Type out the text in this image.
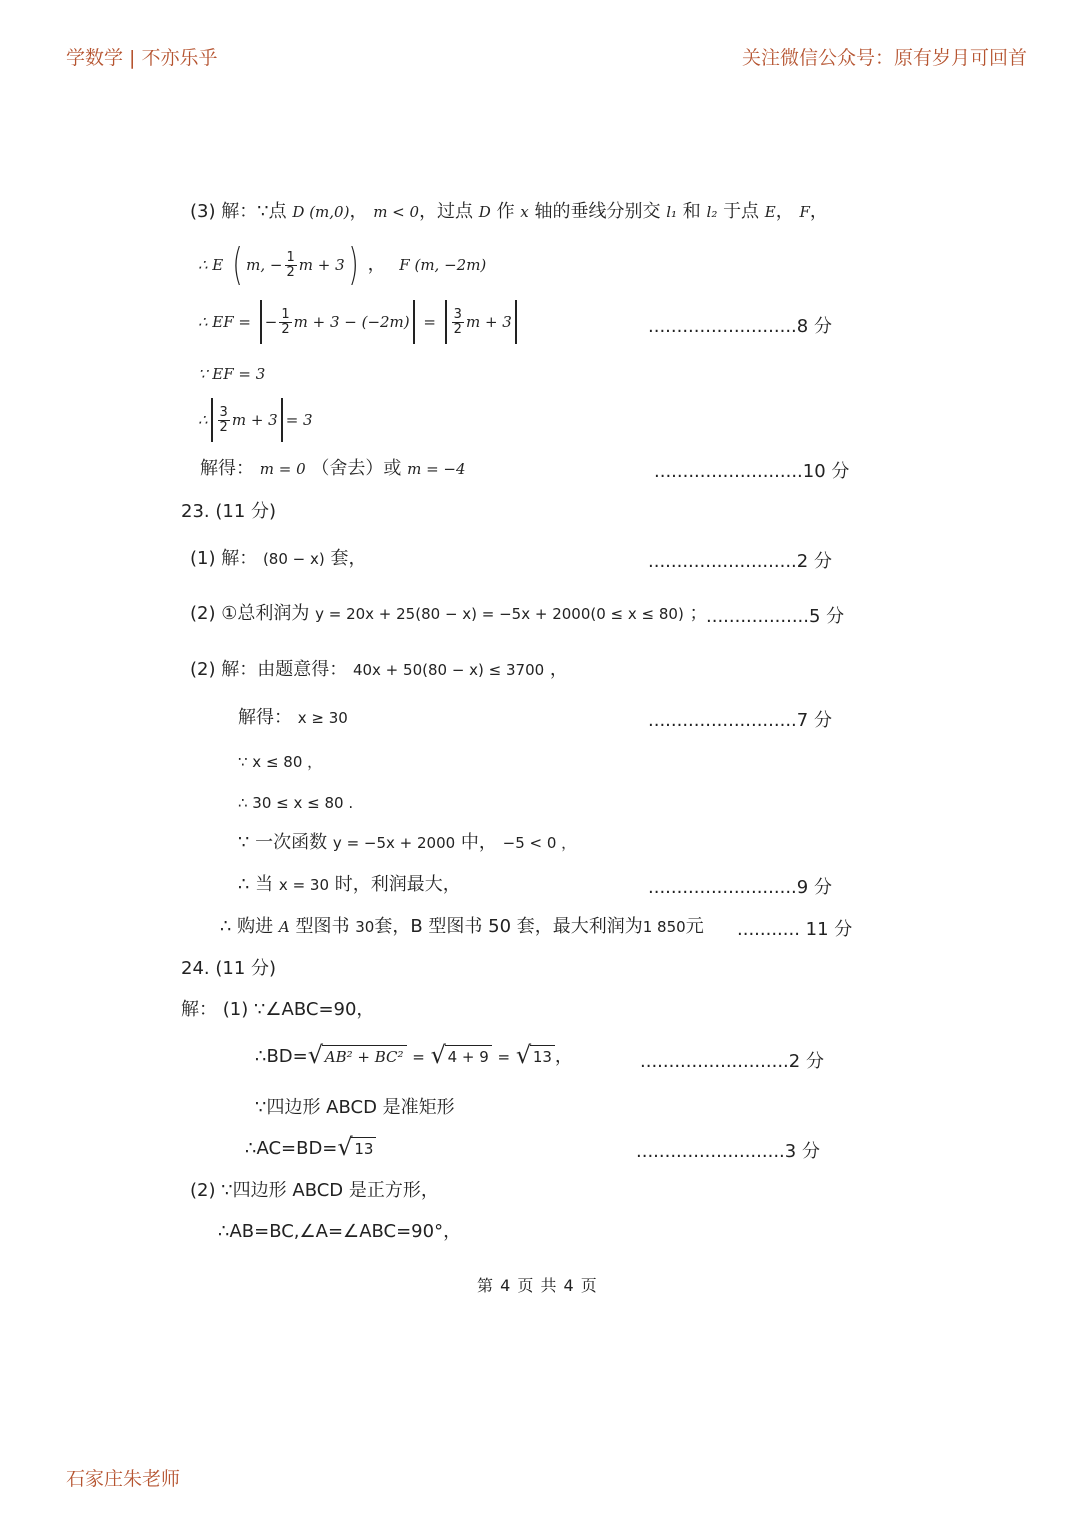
学数学 | 不亦乐乎	关注微信公众号：原有岁月可回首
(3) 解：∵点 D (m,0)， m < 0，过点 D 作 x 轴的垂线分别交 l₁ 和 l₂ 于点 E， F，
∴ E ( m, − $\frac{1}{2}$ m + 3) ， F (m, −2m)
∴ EF = − $\frac{1}{2}$ $m + 3 - (-2m) = \frac{3}{2}$ m + 3	..........................8 分
∵ EF = 3
∴ $\frac{3}{2}$ m + 3 = 3
解得： m = 0 （舍去）或 m = −4	..........................10 分
23. (11 分)
(1) 解： (80 − x) 套，	..........................2 分
(2) ①总利润为 y = 20x + 25(80 − x) = −5x + 2000(0 ≤ x ≤ 80) ；
..................5 分
(2) 解：由题意得： 40x + 50(80 − x) ≤ 3700 ，
解得： x ≥ 30	..........................7 分
∵ x ≤ 80 ，
∴ 30 ≤ x ≤ 80 .
∵ 一次函数 y = −5x + 2000 中， −5 < 0 ，
∴ 当 x = 30 时，利润最大，	..........................9 分
∴ 购进 A 型图书 30套，B 型图书 50 套，最大利润为1 850元 ........... 11 分
24. (11 分)
解： (1) ∵∠ABC=90，
∴BD= √ AB² + BC² = √ 4 + 9 = √ 13 ，	..........................2 分
∵四边形 ABCD 是准矩形
∴AC=BD= √ 13	..........................3 分
(2) ∵四边形 ABCD 是正方形，
∴AB=BC,∠A=∠ABC=90°，
第 4 页 共 4 页
石家庄朱老师
